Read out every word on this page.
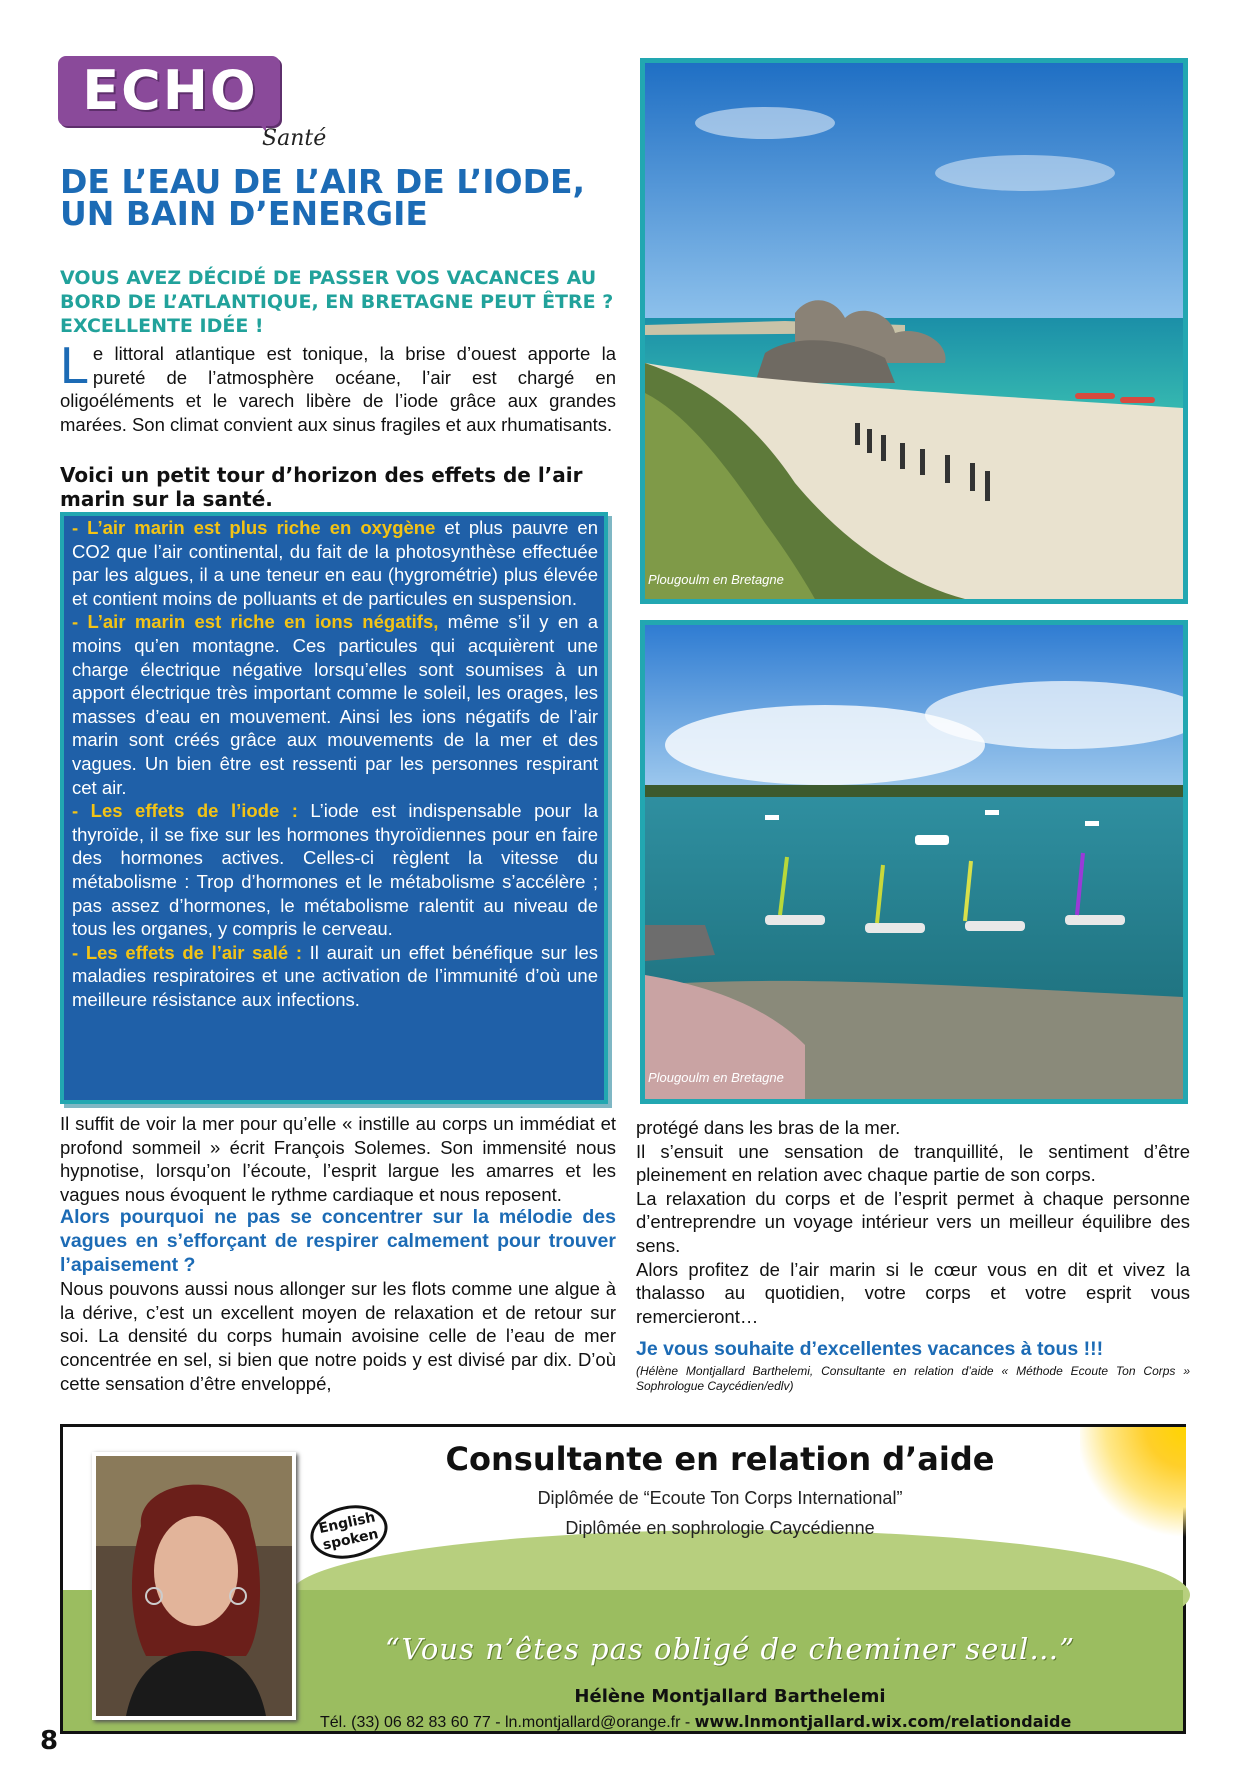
ECHO
Santé
DE L’EAU DE L’AIR DE L’IODE, UN BAIN D’ENERGIE
VOUS AVEZ DÉCIDÉ DE PASSER VOS VACANCES AU BORD DE L’ATLANTIQUE, EN BRETAGNE PEUT ÊTRE ? EXCELLENTE IDÉE !
Le littoral atlantique est tonique, la brise d’ouest apporte la pureté de l’atmosphère océane, l’air est chargé en oligoéléments et le varech libère de l’iode grâce aux grandes marées. Son climat convient aux sinus fragiles et aux rhumatisants.
Voici un petit tour d’horizon des effets de l’air marin sur la santé.

- L’air marin est plus riche en oxygène et plus pauvre en CO2 que l’air continental, du fait de la photosynthèse effectuée par les algues, il a une teneur en eau (hygrométrie) plus élevée et contient moins de polluants et de particules en suspension.

- L’air marin est riche en ions négatifs, même s’il y en a moins qu’en montagne. Ces particules qui acquièrent une charge électrique négative lorsqu’elles sont soumises à un apport électrique très important comme le soleil, les orages, les masses d’eau en mouvement. Ainsi les ions négatifs de l’air marin sont créés grâce aux mouvements de la mer et des vagues. Un bien être est ressenti par les personnes respirant cet air.

- Les effets de l’iode : L’iode est indispensable pour la thyroïde, il se fixe sur les hormones thyroïdiennes pour en faire des hormones actives. Celles-ci règlent la vitesse du métabolisme : Trop d’hormones et le métabolisme s’accélère ; pas assez d’hormones, le métabolisme ralentit au niveau de tous les organes, y compris le cerveau.

- Les effets de l’air salé : Il aurait un effet bénéfique sur les maladies respiratoires et une activation de l’immunité d’où une meilleure résistance aux infections.

Plougoulm en Bretagne
Plougoulm en Bretagne

Il suffit de voir la mer pour qu’elle « instille au corps un immédiat et profond sommeil » écrit François Solemes. Son immensité nous hypnotise, lorsqu’on l’écoute, l’esprit largue les amarres et les vagues nous évoquent le rythme cardiaque et nous reposent.

Alors pourquoi ne pas se concentrer sur la mélodie des vagues en s’efforçant de respirer calmement pour trouver l’apaisement ?

Nous pouvons aussi nous allonger sur les flots comme une algue à la dérive, c’est un excellent moyen de relaxation et de retour sur soi. La densité du corps humain avoisine celle de l’eau de mer concentrée en sel, si bien que notre poids y est divisé par dix. D’où cette sensation d’être enveloppé,

protégé dans les bras de la mer.

Il s’ensuit une sensation de tranquillité, le sentiment d’être pleinement en relation avec chaque partie de son corps.

La relaxation du corps et de l’esprit permet à chaque personne d’entreprendre un voyage intérieur vers un meilleur équilibre des sens.

Alors profitez de l’air marin si le cœur vous en dit et vivez la thalasso au quotidien, votre corps et votre esprit vous remercieront…

Je vous souhaite d’excellentes vacances à tous !!!

(Hélène Montjallard Barthelemi, Consultante en relation d’aide « Méthode Ecoute Ton Corps » Sophrologue Caycédien/edlv)

Consultante en relation d’aide
Diplômée de “Ecoute Ton Corps International”
Diplômée en sophrologie Caycédienne
English spoken
“Vous n’êtes pas obligé de cheminer seul…”
Hélène Montjallard Barthelemi
Tél. (33) 06 82 83 60 77 - ln.montjallard@orange.fr - www.lnmontjallard.wix.com/relationdaide
8
